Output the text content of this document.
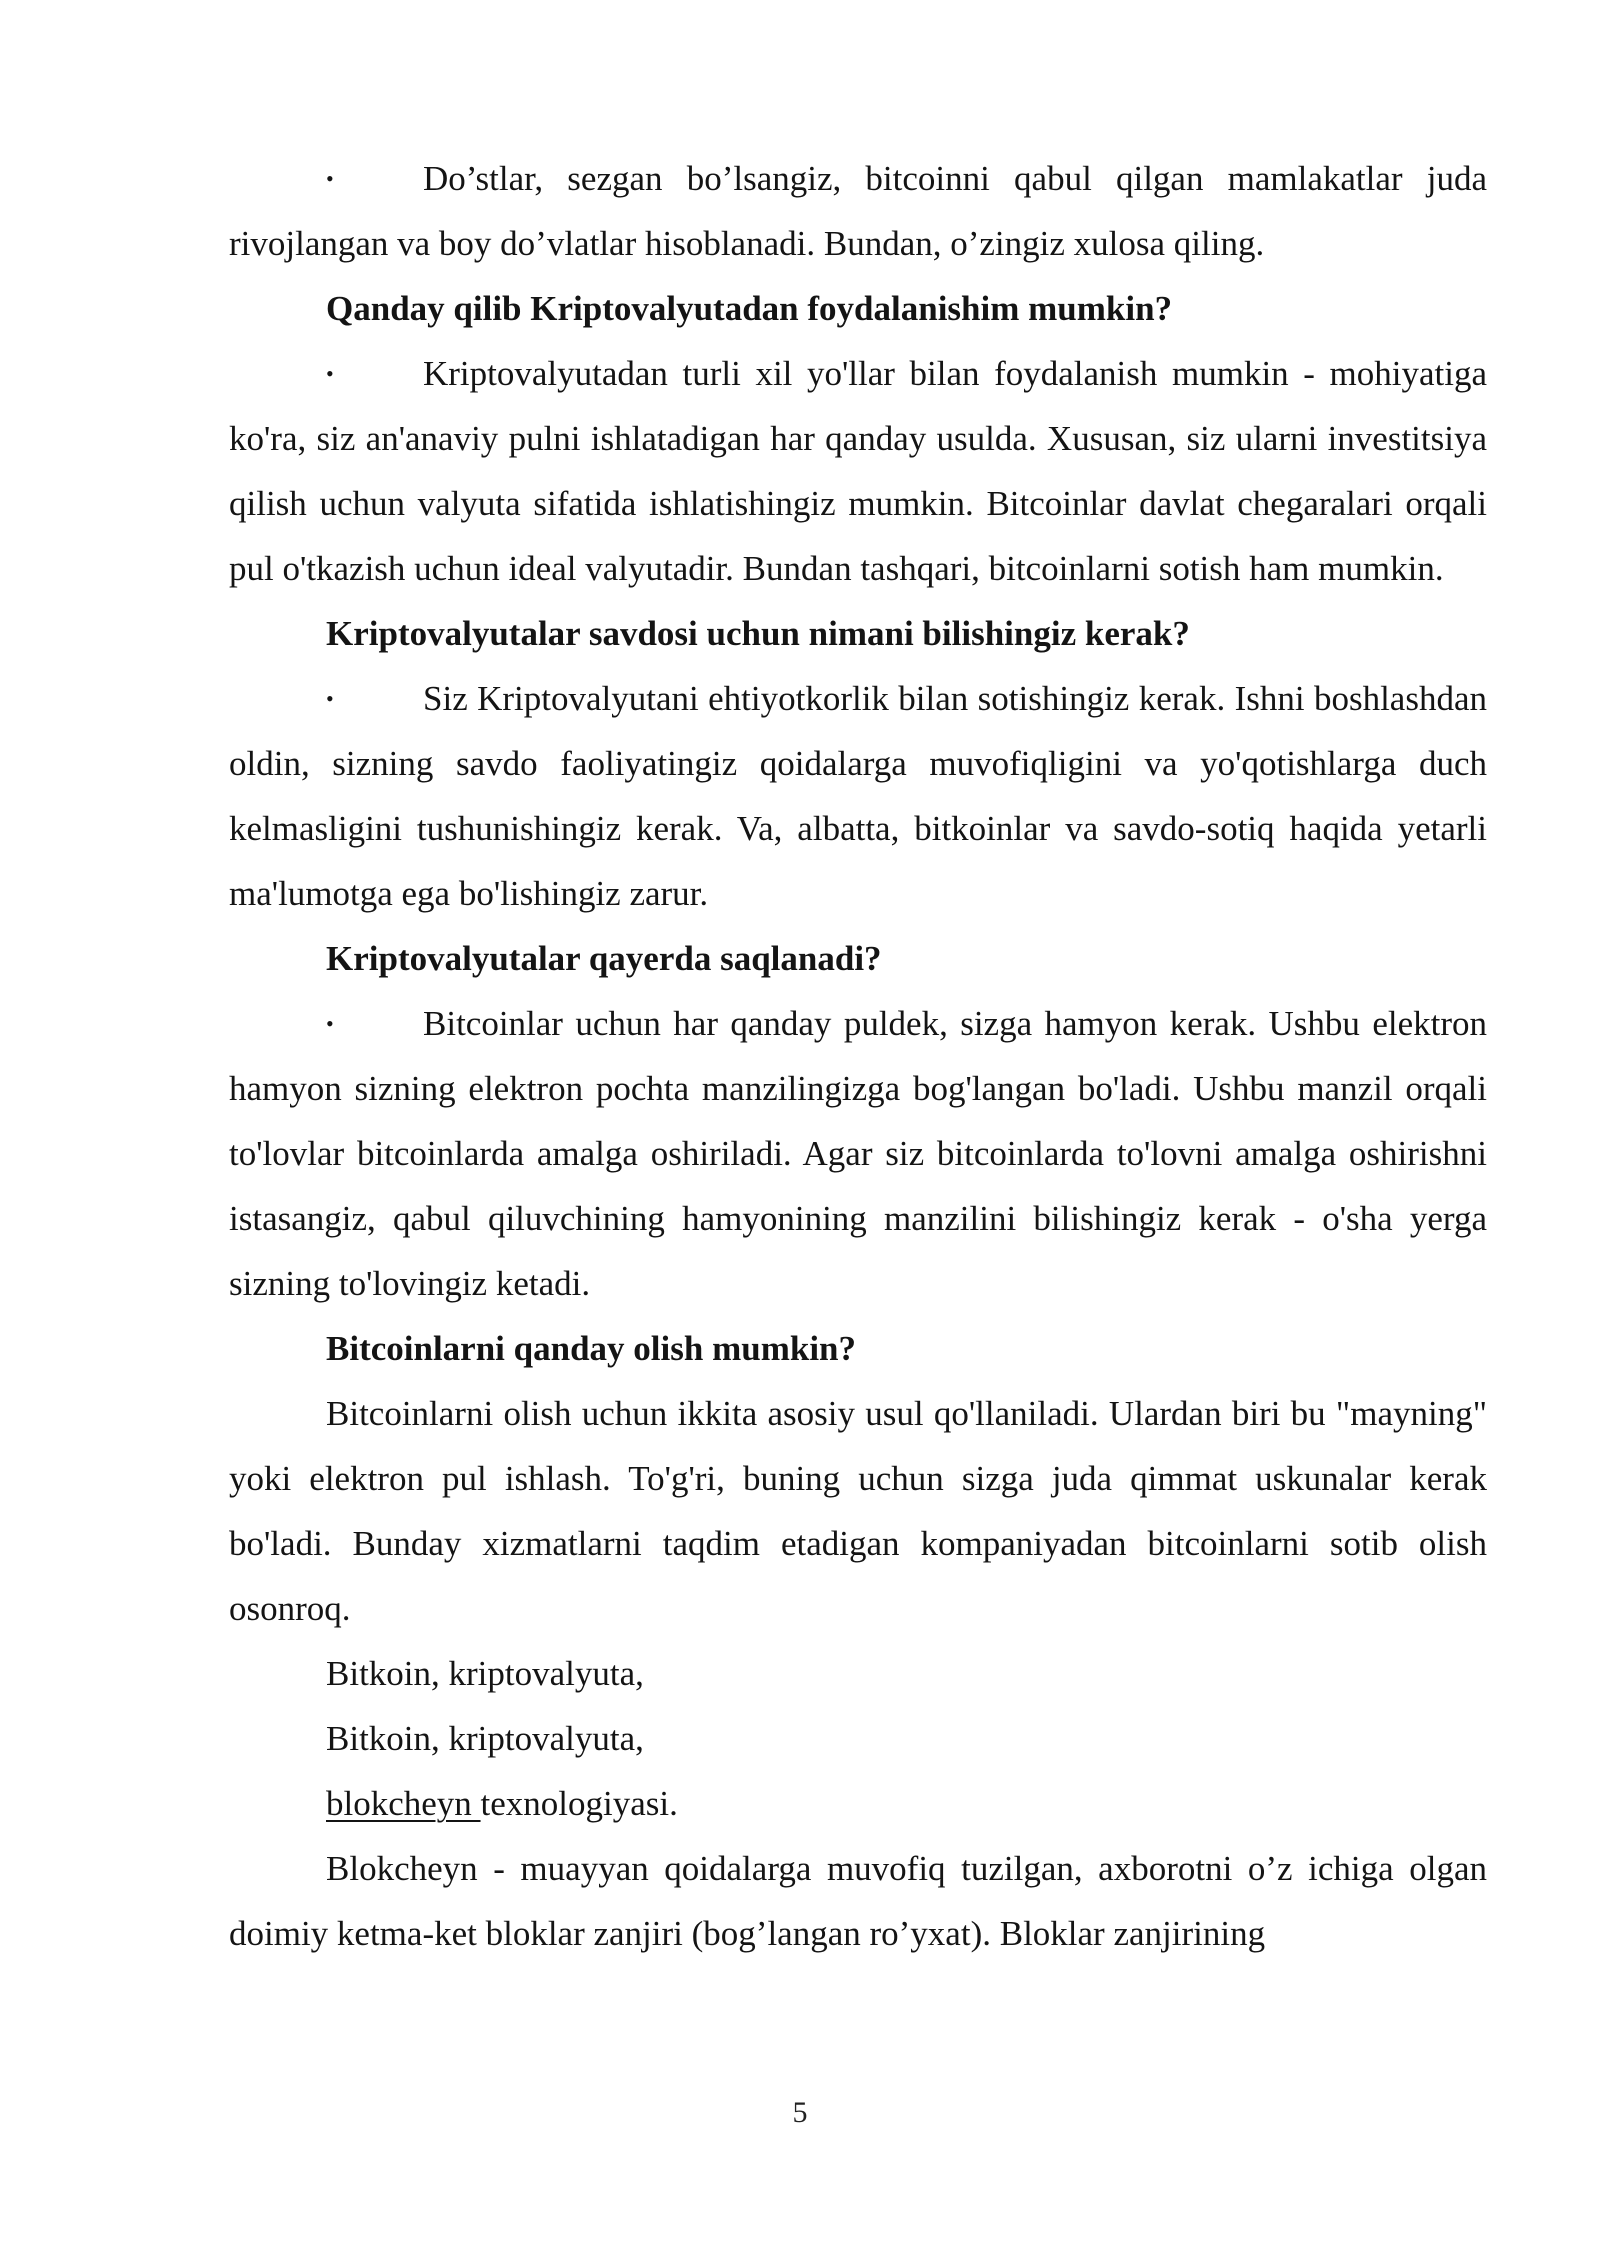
•	Do’stlar, sezgan bo’lsangiz, bitcoinni qabul qilgan mamlakatlar juda rivojlangan va boy do’vlatlar hisoblanadi. Bundan, o’zingiz xulosa qiling.

Qanday qilib Kriptovalyutadan foydalanishim mumkin?

•	Kriptovalyutadan turli xil yo'llar bilan foydalanish mumkin - mohiyatiga ko'ra, siz an'anaviy pulni ishlatadigan har qanday usulda. Xususan, siz ularni investitsiya qilish uchun valyuta sifatida ishlatishingiz mumkin. Bitcoinlar davlat chegaralari orqali pul o'tkazish uchun ideal valyutadir. Bundan tashqari, bitcoinlarni sotish ham mumkin.

Kriptovalyutalar savdosi uchun nimani bilishingiz kerak?

•	Siz Kriptovalyutani ehtiyotkorlik bilan sotishingiz kerak. Ishni boshlashdan oldin, sizning savdo faoliyatingiz qoidalarga muvofiqligini va yo'qotishlarga duch kelmasligini tushunishingiz kerak. Va, albatta, bitkoinlar va savdo-sotiq haqida yetarli ma'lumotga ega bo'lishingiz zarur.

Kriptovalyutalar qayerda saqlanadi?

•	Bitcoinlar uchun har qanday puldek, sizga hamyon kerak. Ushbu elektron hamyon sizning elektron pochta manzilingizga bog'langan bo'ladi. Ushbu manzil orqali to'lovlar bitcoinlarda amalga oshiriladi. Agar siz bitcoinlarda to'lovni amalga oshirishni istasangiz, qabul qiluvchining hamyonining manzilini bilishingiz kerak - o'sha yerga sizning to'lovingiz ketadi.

Bitcoinlarni qanday olish mumkin?

Bitcoinlarni olish uchun ikkita asosiy usul qo'llaniladi. Ulardan biri bu "mayning" yoki elektron pul ishlash. To'g'ri, buning uchun sizga juda qimmat uskunalar kerak bo'ladi. Bunday xizmatlarni taqdim etadigan kompaniyadan bitcoinlarni sotib olish osonroq.

Bitkoin, kriptovalyuta,

Bitkoin, kriptovalyuta,

blokcheyn texnologiyasi.

Blokcheyn - muayyan qoidalarga muvofiq tuzilgan, axborotni o’z ichiga olgan doimiy ketma-ket bloklar zanjiri (bog’langan ro’yxat). Bloklar zanjirining

5
